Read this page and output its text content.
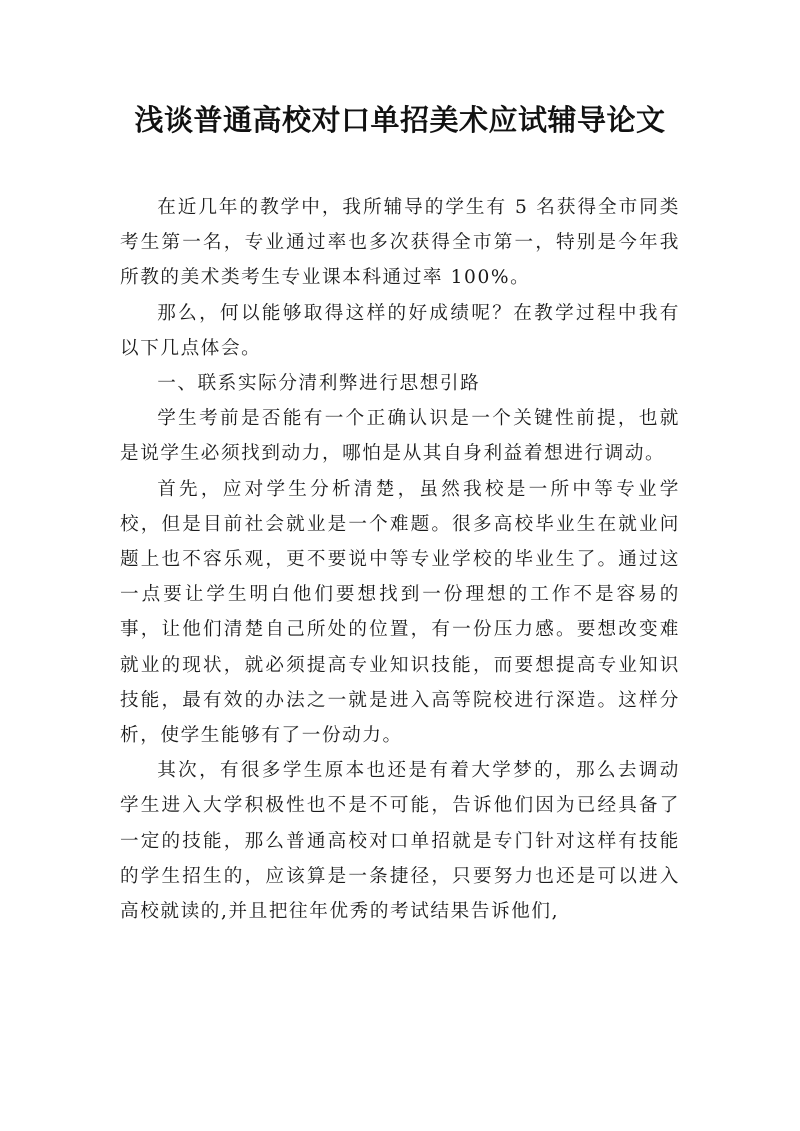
浅谈普通高校对口单招美术应试辅导论文

在近几年的教学中，我所辅导的学生有 5 名获得全市同类考生第一名，专业通过率也多次获得全市第一，特别是今年我所教的美术类考生专业课本科通过率 100%。

那么，何以能够取得这样的好成绩呢？在教学过程中我有以下几点体会。

一、联系实际分清利弊进行思想引路

学生考前是否能有一个正确认识是一个关键性前提，也就是说学生必须找到动力，哪怕是从其自身利益着想进行调动。

首先，应对学生分析清楚，虽然我校是一所中等专业学校，但是目前社会就业是一个难题。很多高校毕业生在就业问题上也不容乐观，更不要说中等专业学校的毕业生了。通过这一点要让学生明白他们要想找到一份理想的工作不是容易的事，让他们清楚自己所处的位置，有一份压力感。要想改变难就业的现状，就必须提高专业知识技能，而要想提高专业知识技能，最有效的办法之一就是进入高等院校进行深造。这样分析，使学生能够有了一份动力。

其次，有很多学生原本也还是有着大学梦的，那么去调动学生进入大学积极性也不是不可能，告诉他们因为已经具备了一定的技能，那么普通高校对口单招就是专门针对这样有技能的学生招生的，应该算是一条捷径，只要努力也还是可以进入高校就读的,并且把往年优秀的考试结果告诉他们,
